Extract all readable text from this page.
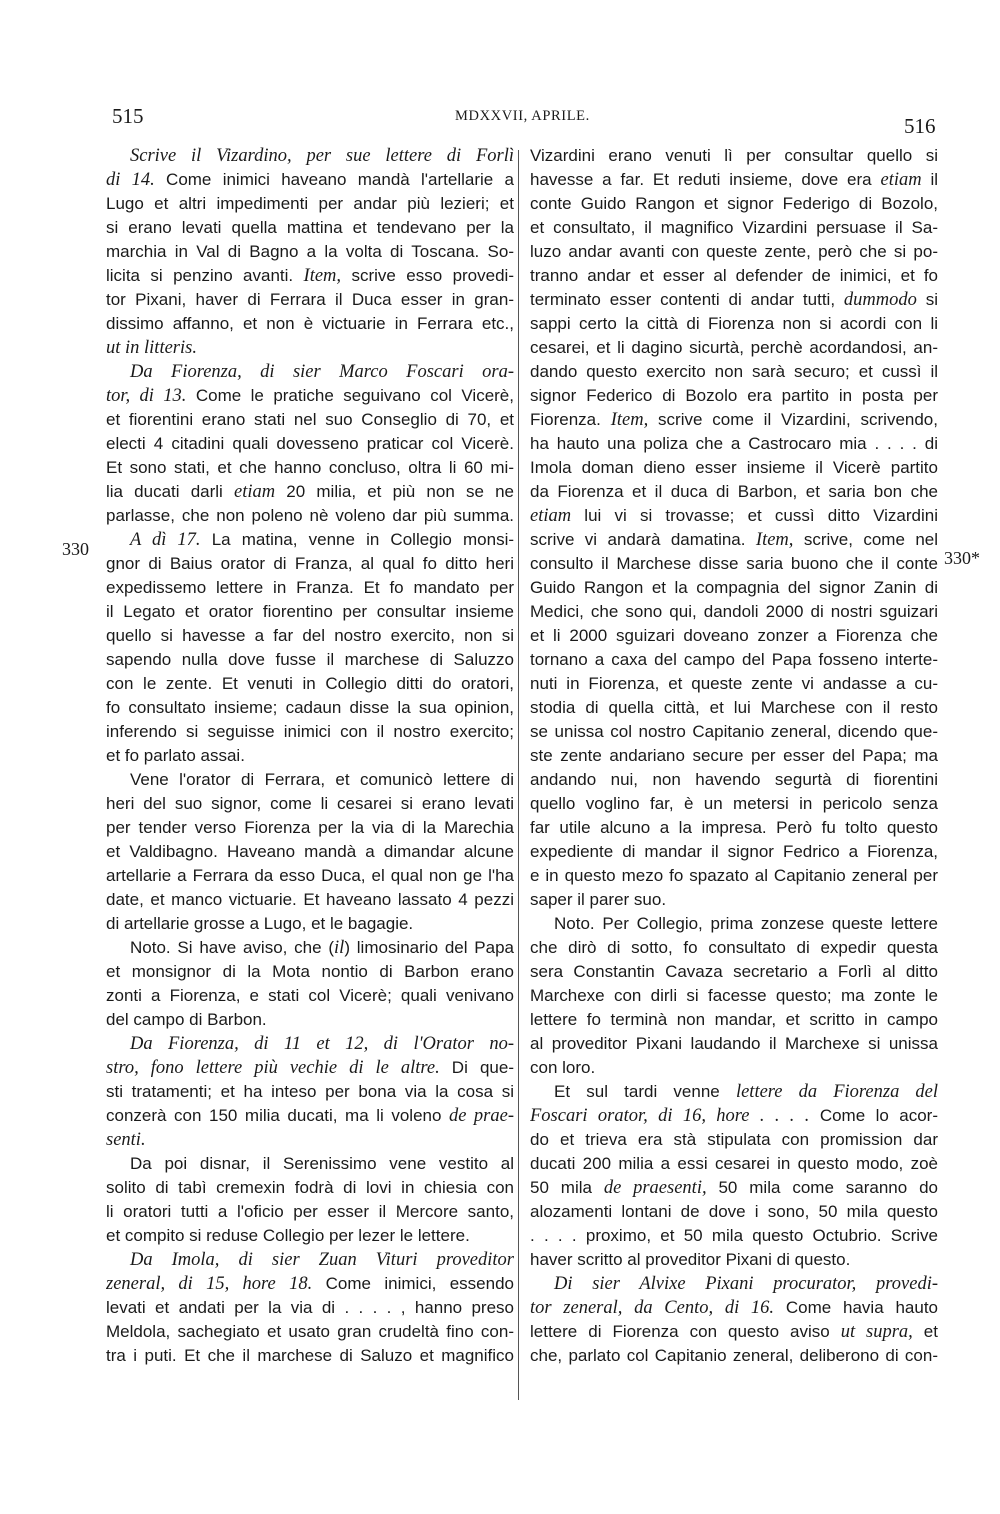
515	MDXXVII, APRILE.	516
330	330*
Scrive il Vizardino, per sue lettere di Forlì
di 14. Come inimici haveano mandà l'artellarie a
Lugo et altri impedimenti per andar più lezieri; et
si erano levati quella mattina et tendevano per la
marchia in Val di Bagno a la volta di Toscana. So-
licita si penzino avanti. Item, scrive esso provedi-
tor Pixani, haver di Ferrara il Duca esser in gran-
dissimo affanno, et non è victuarie in Ferrara etc.,
ut in litteris.
Da Fiorenza, di sier Marco Foscari ora-
tor, di 13. Come le pratiche seguivano col Vicerè,
et fiorentini erano stati nel suo Conseglio di 70, et
electi 4 citadini quali dovesseno praticar col Vicerè.
Et sono stati, et che hanno concluso, oltra li 60 mi-
lia ducati darli etiam 20 milia, et più non se ne
parlasse, che non poleno nè voleno dar più summa.
A dì 17. La matina, venne in Collegio monsi-
gnor di Baius orator di Franza, al qual fo ditto heri
expedissemo lettere in Franza. Et fo mandato per
il Legato et orator fiorentino per consultar insieme
quello si havesse a far del nostro exercito, non si
sapendo nulla dove fusse il marchese di Saluzzo
con le zente. Et venuti in Collegio ditti do oratori,
fo consultato insieme; cadaun disse la sua opinion,
inferendo si seguisse inimici con il nostro exercito;
et fo parlato assai.
Vene l'orator di Ferrara, et comunicò lettere di
heri del suo signor, come li cesarei si erano levati
per tender verso Fiorenza per la via di la Marechia
et Valdibagno. Haveano mandà a dimandar alcune
artellarie a Ferrara da esso Duca, el qual non ge l'ha
date, et manco victuarie. Et haveano lassato 4 pezzi
di artellarie grosse a Lugo, et le bagagie.
Noto. Si have aviso, che (il) limosinario del Papa
et monsignor di la Mota nontio di Barbon erano
zonti a Fiorenza, e stati col Vicerè; quali venivano
del campo di Barbon.
Da Fiorenza, di 11 et 12, di l'Orator no-
stro, fono lettere più vechie di le altre. Di que-
sti tratamenti; et ha inteso per bona via la cosa si
conzerà con 150 milia ducati, ma li voleno de prae-
senti.
Da poi disnar, il Serenissimo vene vestito al
solito di tabì cremexin fodrà di lovi in chiesia con
li oratori tutti a l'oficio per esser il Mercore santo,
et compito si reduse Collegio per lezer le lettere.
Da Imola, di sier Zuan Vituri proveditor
zeneral, di 15, hore 18. Come inimici, essendo
levati et andati per la via di . . . . , hanno preso
Meldola, sachegiato et usato gran crudeltà fino con-
tra i puti. Et che il marchese di Saluzo et magnifico
Vizardini erano venuti lì per consultar quello si
havesse a far. Et reduti insieme, dove era etiam il
conte Guido Rangon et signor Federigo di Bozolo,
et consultato, il magnifico Vizardini persuase il Sa-
luzo andar avanti con queste zente, però che si po-
tranno andar et esser al defender de inimici, et fo
terminato esser contenti di andar tutti, dummodo si
sappi certo la città di Fiorenza non si acordi con li
cesarei, et li dagino sicurtà, perchè acordandosi, an-
dando questo exercito non sarà securo; et cussì il
signor Federico di Bozolo era partito in posta per
Fiorenza. Item, scrive come il Vizardini, scrivendo,
ha hauto una poliza che a Castrocaro mia . . . . di
Imola doman dieno esser insieme il Vicerè partito
da Fiorenza et il duca di Barbon, et saria bon che
etiam lui vi si trovasse; et cussì ditto Vizardini
scrive vi andarà damatina. Item, scrive, come nel
consulto il Marchese disse saria buono che il conte
Guido Rangon et la compagnia del signor Zanin di
Medici, che sono qui, dandoli 2000 di nostri sguizari
et li 2000 sguizari doveano zonzer a Fiorenza che
tornano a caxa del campo del Papa fosseno interte-
nuti in Fiorenza, et queste zente vi andasse a cu-
stodia di quella città, et lui Marchese con il resto
se unissa col nostro Capitanio zeneral, dicendo que-
ste zente andariano secure per esser del Papa; ma
andando nui, non havendo segurtà di fiorentini
quello voglino far, è un metersi in pericolo senza
far utile alcuno a la impresa. Però fu tolto questo
expediente di mandar il signor Fedrico a Fiorenza,
e in questo mezo fo spazato al Capitanio zeneral per
saper il parer suo.
Noto. Per Collegio, prima zonzese queste lettere
che dirò di sotto, fo consultato di expedir questa
sera Constantin Cavaza secretario a Forlì al ditto
Marchexe con dirli si facesse questo; ma zonte le
lettere fo terminà non mandar, et scritto in campo
al proveditor Pixani laudando il Marchexe si unissa
con loro.
Et sul tardi venne lettere da Fiorenza del
Foscari orator, di 16, hore . . . . Come lo acor-
do et trieva era stà stipulata con promission dar
ducati 200 milia a essi cesarei in questo modo, zoè
50 mila de praesenti, 50 mila come saranno do
alozamenti lontani de dove i sono, 50 mila questo
. . . . proximo, et 50 mila questo Octubrio. Scrive
haver scritto al proveditor Pixani di questo.
Di sier Alvixe Pixani procurator, provedi-
tor zeneral, da Cento, di 16. Come havia hauto
lettere di Fiorenza con questo aviso ut supra, et
che, parlato col Capitanio zeneral, deliberono di con-
